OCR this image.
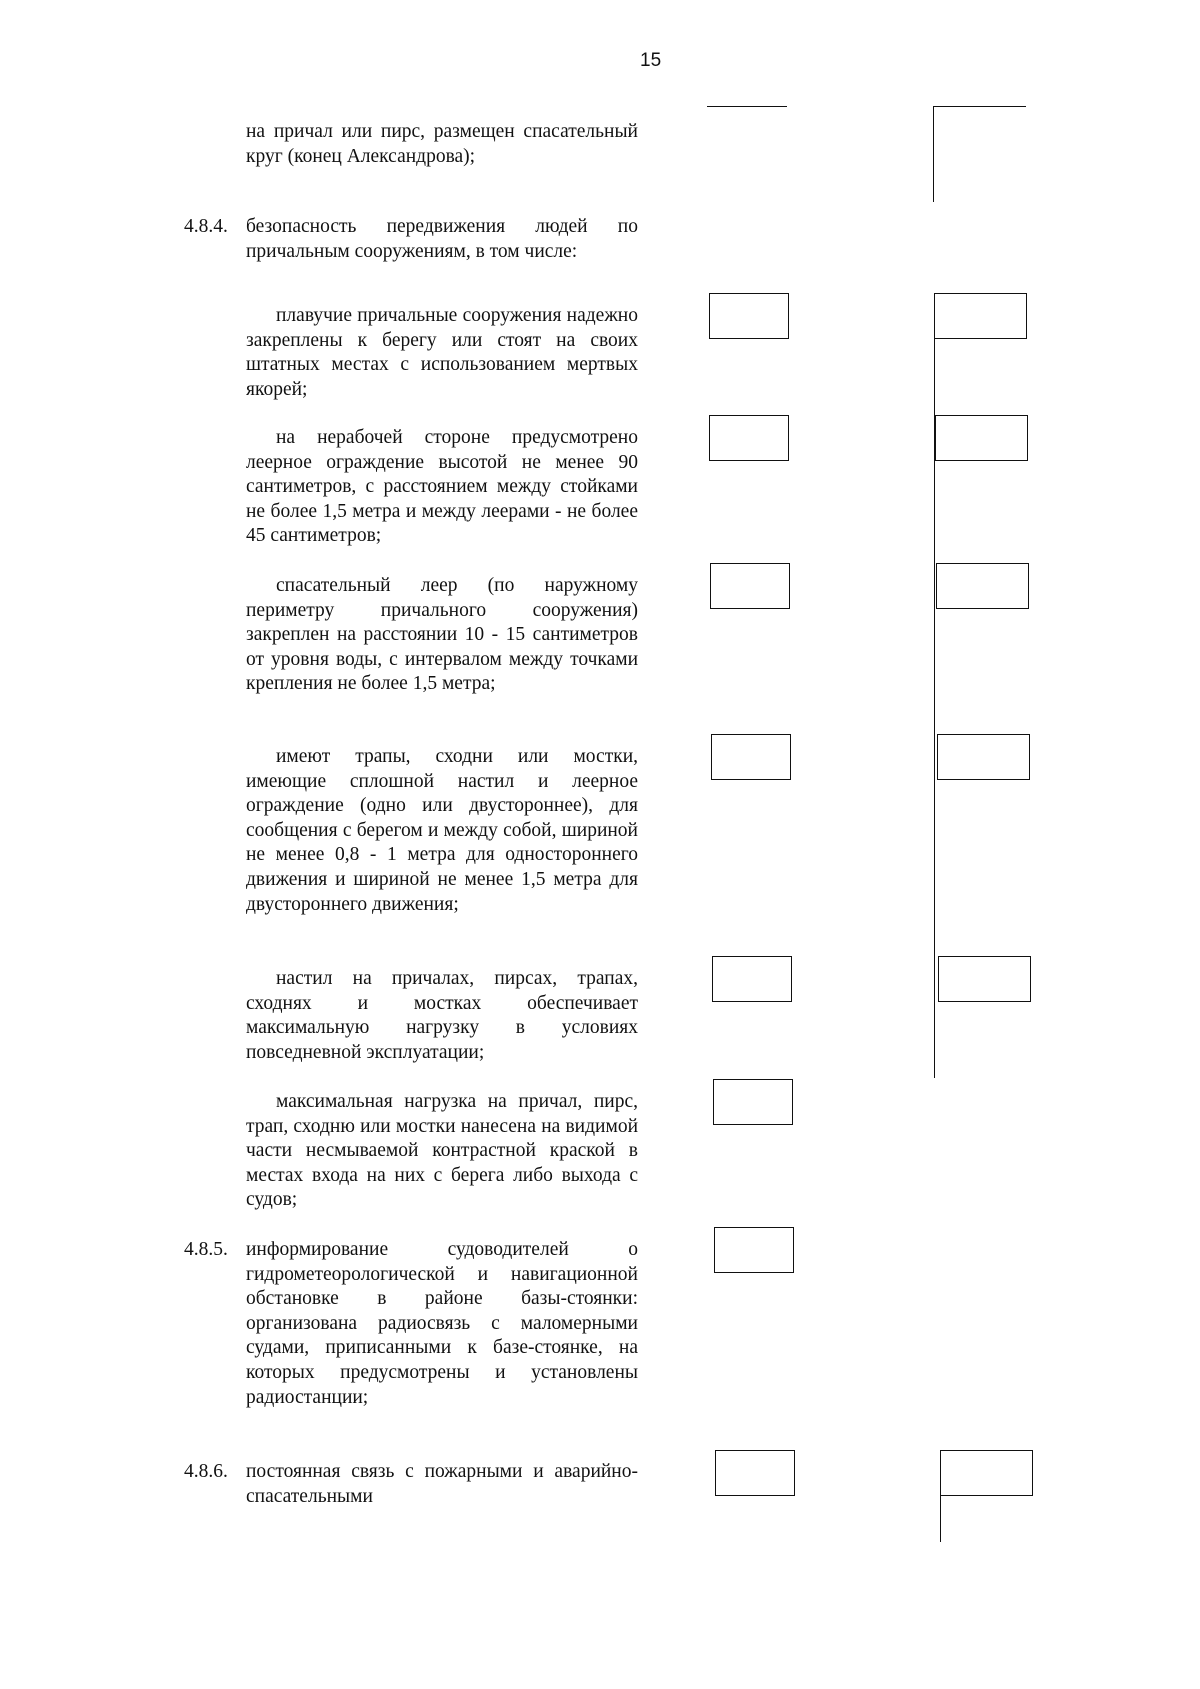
15
на причал или пирс, размещен спасательный круг (конец Александрова);
4.8.4. безопасность передвижения людей по причальным сооружениям, в том числе:
плавучие причальные сооружения надежно закреплены к берегу или стоят на своих штатных местах с использованием мертвых якорей;
на нерабочей стороне предусмотрено леерное ограждение высотой не менее 90 сантиметров, с расстоянием между стойками не более 1,5 метра и между леерами - не более 45 сантиметров;
спасательный леер (по наружному периметру причального сооружения) закреплен на расстоянии 10 - 15 сантиметров от уровня воды, с интервалом между точками крепления не более 1,5 метра;
имеют трапы, сходни или мостки, имеющие сплошной настил и леерное ограждение (одно или двустороннее), для сообщения с берегом и между собой, шириной не менее 0,8 - 1 метра для одностороннего движения и шириной не менее 1,5 метра для двустороннего движения;
настил на причалах, пирсах, трапах, сходнях и мостках обеспечивает максимальную нагрузку в условиях повседневной эксплуатации;
максимальная нагрузка на причал, пирс, трап, сходню или мостки нанесена на видимой части несмываемой контрастной краской в местах входа на них с берега либо выхода с судов;
4.8.5. информирование судоводителей о гидрометеорологической и навигационной обстановке в районе базы-стоянки: организована радиосвязь с маломерными судами, приписанными к базе-стоянке, на которых предусмотрены и установлены радиостанции;
4.8.6. постоянная связь с пожарными и аварийно-спасательными
